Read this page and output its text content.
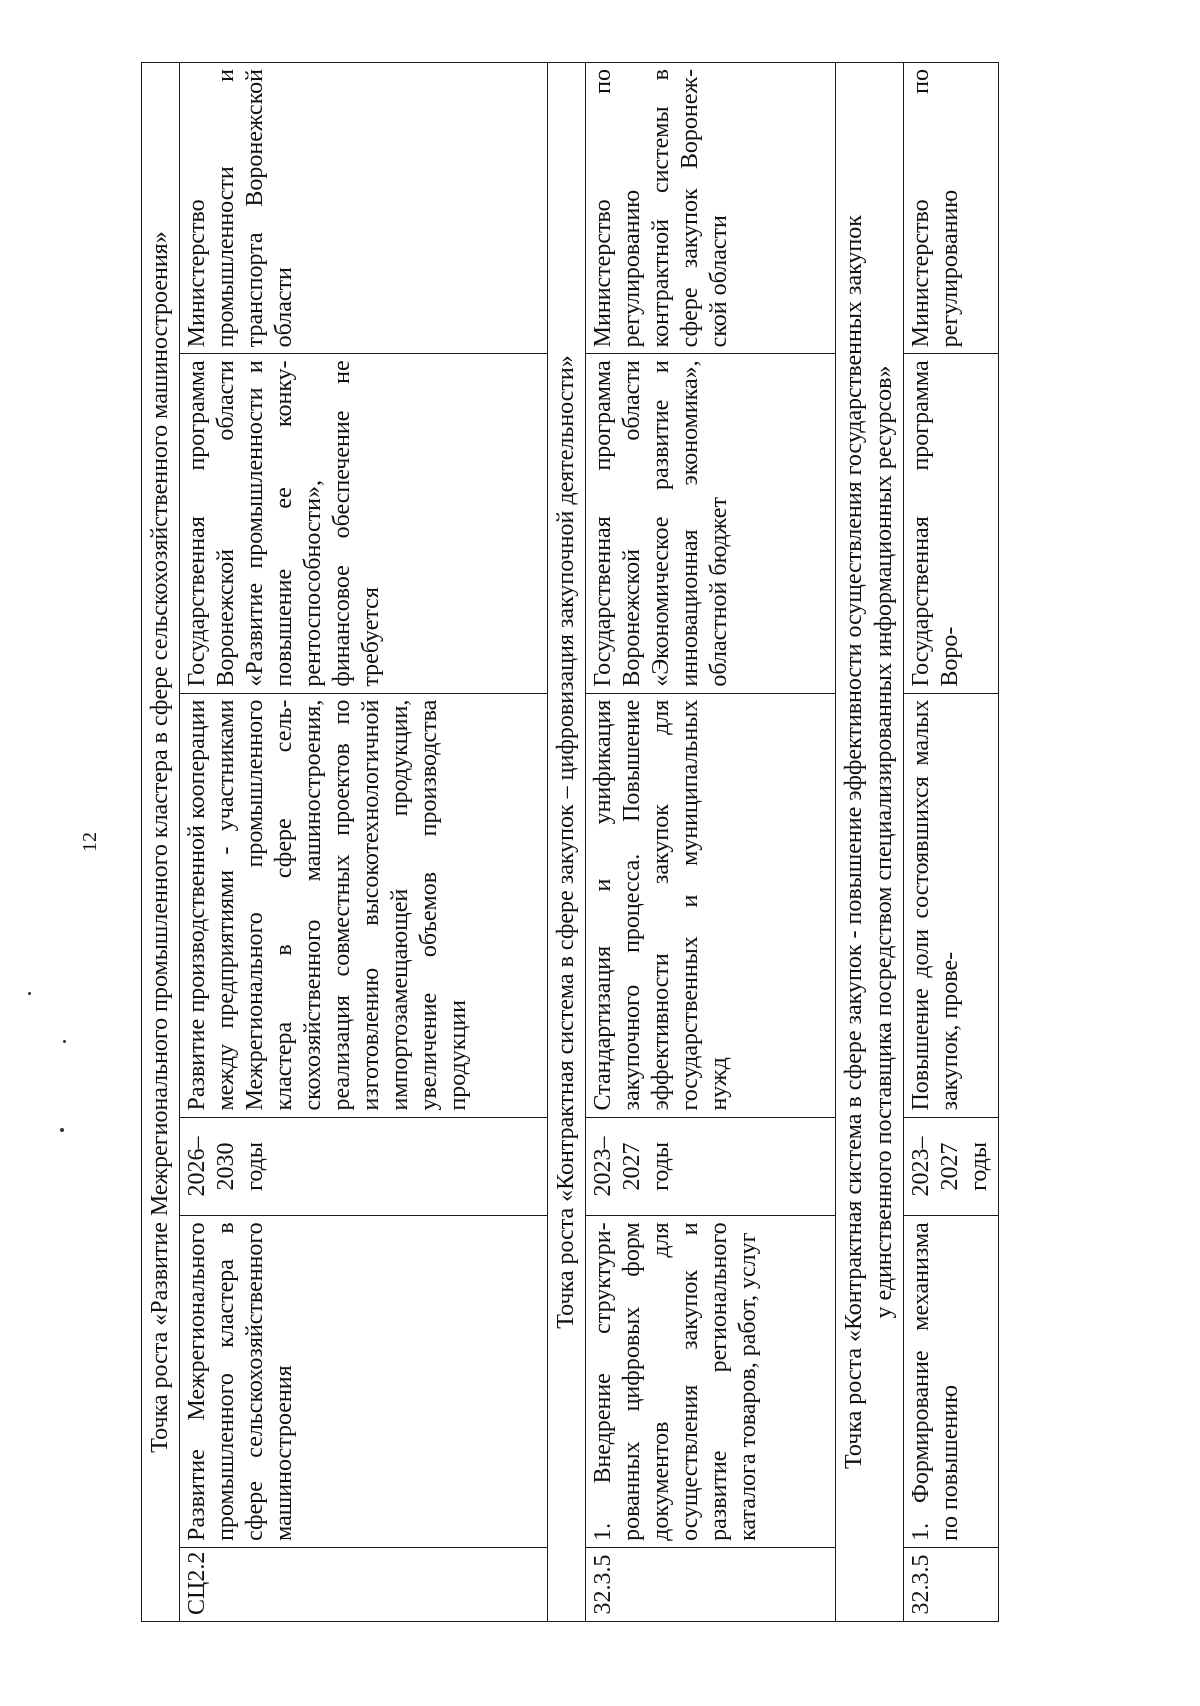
12 Точка роста «Развитие Межрегионального промышленного кластера в сфере сельскохозяйственного машиностроения»					
СЦ2.2	Развитие Межрегионального промышленного кластера в сфере сельскохозяйственного машиностроения	2026–2030 годы	Развитие производственной кооперации между предприятиями - участниками Межрегионального промышленного кластера в сфере сельскохозяйственного машиностроения, реализация совместных проектов по изготовлению высокотехнологичной импортозамещающей продукции, увеличение объемов производства продукции	Государственная программа Воронежской области «Развитие промышленности и повышение ее конкурентоспособности», финансовое обеспечение не требуется	Министерство промышленности и транспорта Воронежской области
Точка роста «Контрактная система в сфере закупок – цифровизация закупочной деятельности»					
32.3.5	1. Внедрение структурированных цифровых форм документов для осуществления закупок и развитие регионального каталога товаров, работ, услуг	2023–2027 годы	Стандартизация и унификация закупочного процесса. Повышение эффективности закупок для государственных и муниципальных нужд	Государственная программа Воронежской области «Экономическое развитие и инновационная экономика», областной бюджет	Министерство по регулированию контрактной системы в сфере закупок Воронежской области
Точка роста «Контрактная система в сфере закупок - повышение эффективности осуществления государственных закупок у единственного поставщика посредством специализированных информационных ресурсов»					
32.3.5	1. Формирование механизма по повышению	2023–2027 годы	Повышение доли состоявшихся малых закупок, прове-	Государственная программа Воро-	Министерство по регулированию
